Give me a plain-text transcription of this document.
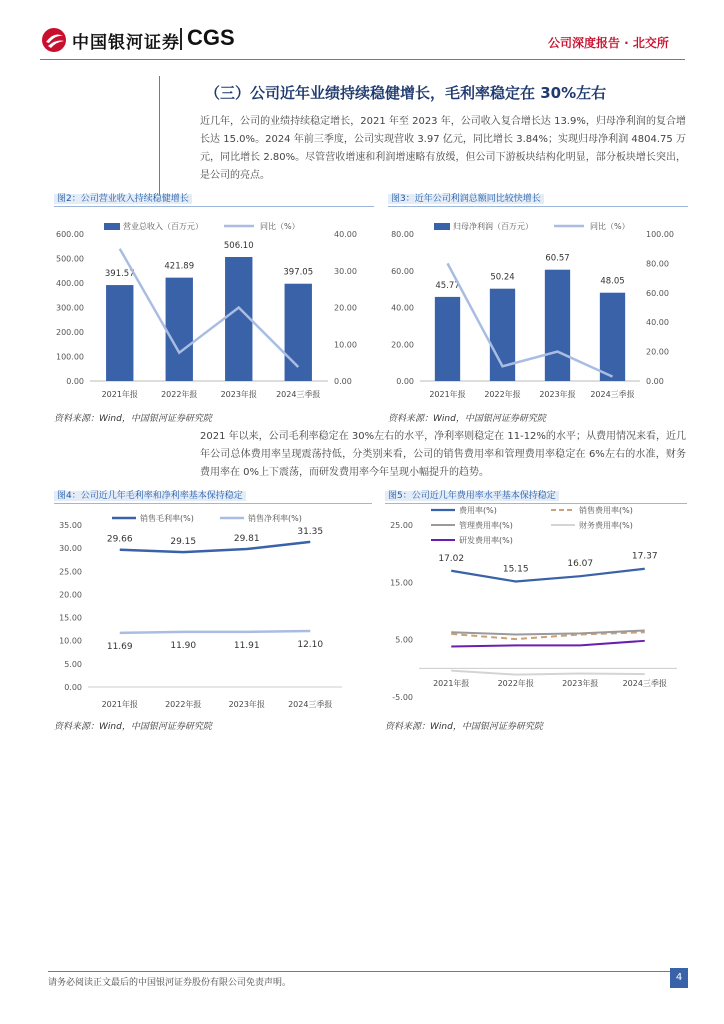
中国银河证券 CGS	公司深度报告 · 北交所
（三）公司近年业绩持续稳健增长，毛利率稳定在 30%左右
近几年，公司的业绩持续稳定增长，2021 年至 2023 年，公司收入复合增长达 13.9%，归母净利润的复合增长达 15.0%。2024 年前三季度，公司实现营收 3.97 亿元，同比增长 3.84%；实现归母净利润 4804.75 万元，同比增长 2.80%。尽管营收增速和利润增速略有放缓，但公司下游板块结构化明显，部分板块增长突出，是公司的亮点。
图2：公司营业收入持续稳健增长
0.00
100.00
200.00
300.00
400.00
500.00
600.00
0.00
10.00
20.00
30.00
40.00
391.57
421.89
506.10
397.05
2021年报	2022年报	2023年报 2024三季报
营业总收入（百万元）	同比（%）
资料来源：Wind，中国银河证券研究院
图3：近年公司利润总额同比较快增长
0.00
20.00
40.00
60.00
80.00
0.00
20.00
40.00
60.00
80.00
100.00
45.77
50.24
60.57
48.05
2021年报 2022年报 2023年报 2024三季报
归母净利润（百万元）	同比（%）
资料来源：Wind，中国银河证券研究院
2021 年以来，公司毛利率稳定在 30%左右的水平，净利率则稳定在 11-12%的水平；从费用情况来看，近几年公司总体费用率呈现震荡持低，分类别来看，公司的销售费用率和管理费用率稳定在 6%左右的水准，财务费用率在 0%上下震荡，而研发费用率今年呈现小幅提升的趋势。
图4：公司近几年毛利率和净利率基本保持稳定
0.00
5.00
10.00
15.00
20.00
25.00
30.00
35.00
29.66	29.15	29.81
31.35
销售毛利率(%)
11.69	11.90	11.91	12.10
销售净利率(%)
2021年报	2022年报	2023年报	2024三季报
资料来源：Wind，中国银河证券研究院
图5：公司近几年费用率水平基本保持稳定
-5.00
5.00
15.00
25.00
17.02
15.15
16.07
17.37
费用率(%)	销售费用率(%)
管理费用率(%)	财务费用率(%)
研发费用率(%)
2021年报	2022年报	2023年报	2024三季报
资料来源：Wind，中国银河证券研究院
请务必阅读正文最后的中国银河证券股份有限公司免责声明。	4
